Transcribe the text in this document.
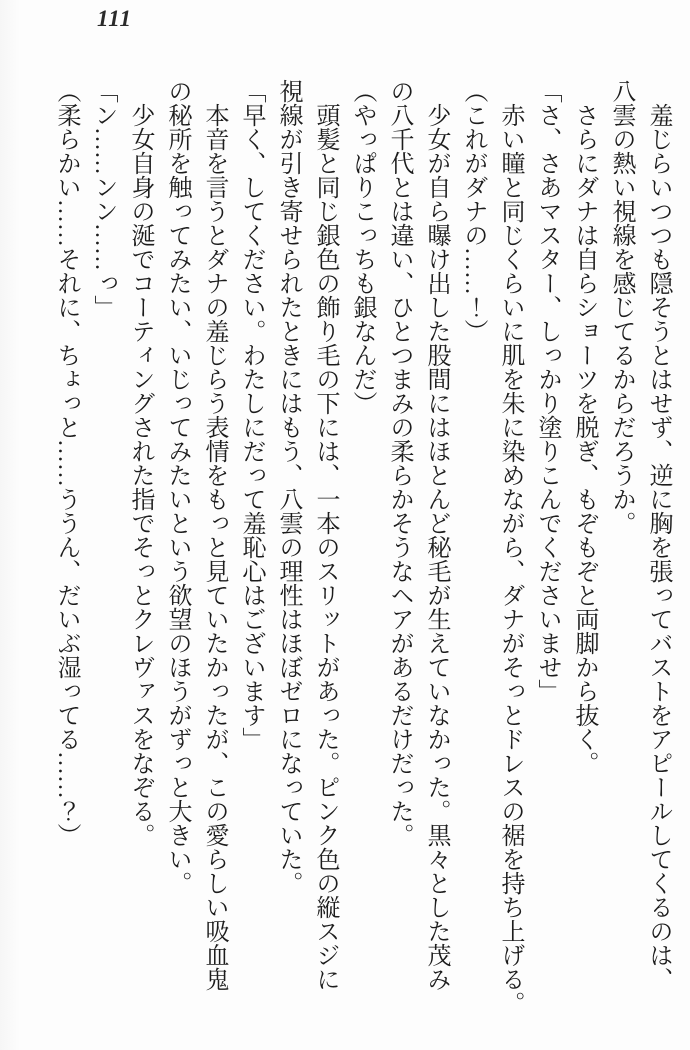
111
羞じらいつつも隠そうとはせず、逆に胸を張ってバストをアピールしてくるのは、
八雲の熱い視線を感じてるからだろうか。
さらにダナは自らショーツを脱ぎ、もぞもぞと両脚から抜く。
「さ、さあマスター、しっかり塗りこんでくださいませ」
赤い瞳と同じくらいに肌を朱に染めながら、ダナがそっとドレスの裾を持ち上げる。
（これがダナの……！）
少女が自ら曝け出した股間にはほとんど秘毛が生えていなかった。黒々とした茂み
の八千代とは違い、ひとつまみの柔らかそうなヘアがあるだけだった。
（やっぱりこっちも銀なんだ）
頭髪と同じ銀色の飾り毛の下には、一本のスリットがあった。ピンク色の縦スジに
視線が引き寄せられたときにはもう、八雲の理性はほぼゼロになっていた。
「早く、してください。わたしにだって羞恥心はございます」
本音を言うとダナの羞じらう表情をもっと見ていたかったが、この愛らしい吸血鬼
の秘所を触ってみたい、いじってみたいという欲望のほうがずっと大きい。
少女自身の涎でコーティングされた指でそっとクレヴァスをなぞる。
「ン……ンン……っ」
（柔らかい……それに、ちょっと……ううん、だいぶ湿ってる……？）
